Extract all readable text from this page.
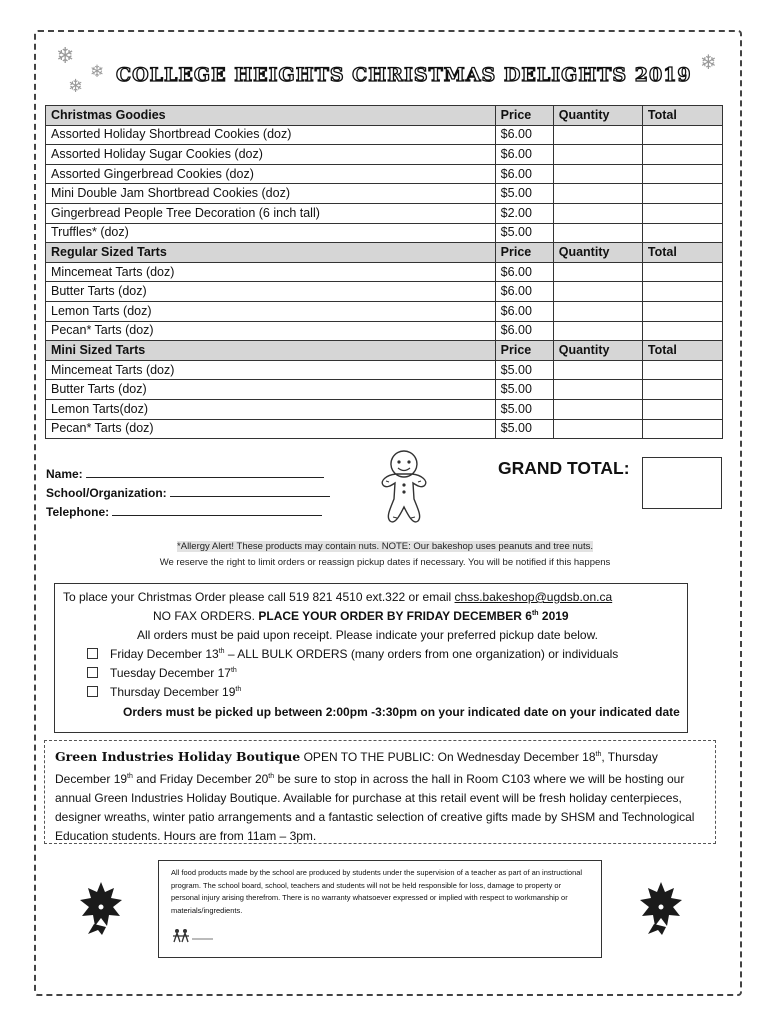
❄
❄
❄	❄
COLLEGE HEIGHTS CHRISTMAS DELIGHTS 2019
Christmas Goodies	Price	Quantity	Total
Assorted Holiday Shortbread Cookies (doz)	$6.00		
Assorted Holiday Sugar Cookies (doz)	$6.00		
Assorted Gingerbread Cookies (doz)	$6.00		
Mini Double Jam Shortbread Cookies (doz)	$5.00		
Gingerbread People Tree Decoration (6 inch tall)	$2.00		
Truffles* (doz)	$5.00		
Regular Sized Tarts	Price	Quantity	Total
Mincemeat Tarts (doz)	$6.00		
Butter Tarts (doz)	$6.00		
Lemon Tarts (doz)	$6.00		
Pecan* Tarts (doz)	$6.00		
Mini Sized Tarts	Price	Quantity	Total
Mincemeat Tarts (doz)	$5.00		
Butter Tarts (doz)	$5.00		
Lemon Tarts(doz)	$5.00		
Pecan* Tarts (doz)	$5.00		
Name:
School/Organization:
Telephone:
GRAND TOTAL:
*Allergy Alert! These products may contain nuts. NOTE: Our bakeshop uses peanuts and tree nuts.
We reserve the right to limit orders or reassign pickup dates if necessary. You will be notified if this happens
To place your Christmas Order please call 519 821 4510 ext.322 or email chss.bakeshop@ugdsb.on.ca
NO FAX ORDERS. PLACE YOUR ORDER BY FRIDAY DECEMBER 6th 2019
All orders must be paid upon receipt. Please indicate your preferred pickup date below.
Friday December 13th – ALL BULK ORDERS (many orders from one organization) or individuals
Tuesday December 17th
Thursday December 19th
Orders must be picked up between 2:00pm -3:30pm on your indicated date on your indicated date
Green Industries Holiday Boutique OPEN TO THE PUBLIC: On Wednesday December 18th, Thursday December 19th and Friday December 20th be sure to stop in across the hall in Room C103 where we will be hosting our annual Green Industries Holiday Boutique. Available for purchase at this retail event will be fresh holiday centerpieces, designer wreaths, winter patio arrangements and a fantastic selection of creative gifts made by SHSM and Technological Education students. Hours are from 11am – 3pm.
All food products made by the school are produced by students under the supervision of a teacher as part of an instructional program. The school board, school, teachers and students will not be held responsible for loss, damage to property or personal injury arising therefrom. There is no warranty whatsoever expressed or implied with respect to workmanship or materials/ingredients.
